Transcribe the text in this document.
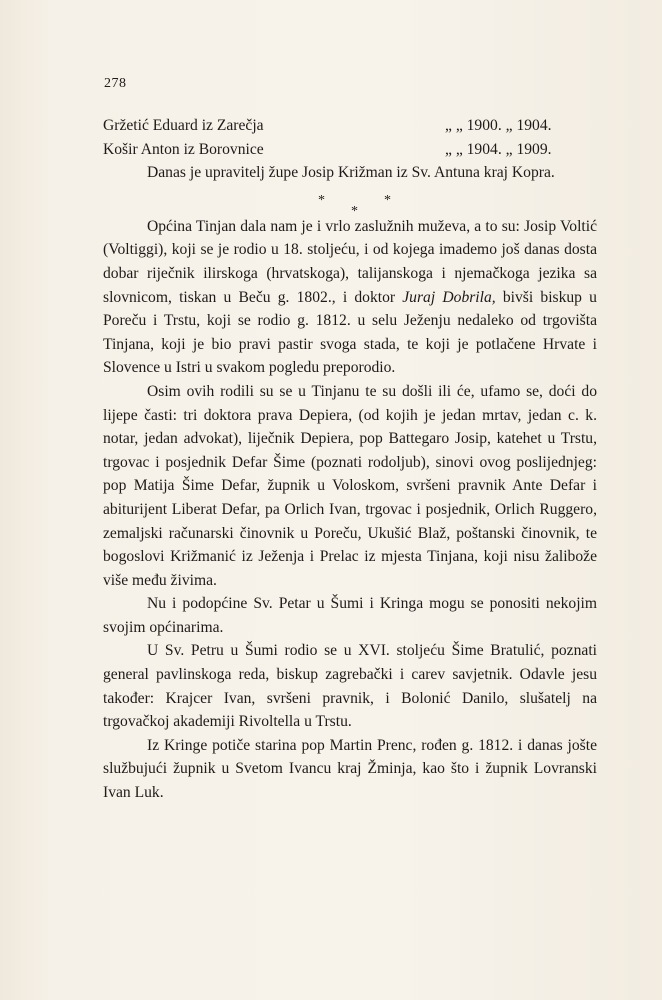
278
Gržetić Eduard iz Zarečja	„ „ 1900. „ 1904.
Košir Anton iz Borovnice	„ „ 1904. „ 1909.

Danas je upravitelj župe Josip Križman iz Sv. Antuna kraj Kopra.

*	*
*

Općina Tinjan dala nam je i vrlo zaslužnih muževa, a to su: Josip Voltić (Voltiggi), koji se je rodio u 18. stoljeću, i od kojega imademo još danas dosta dobar riječnik ilirskoga (hrvatskoga), talijanskoga i njemačkoga jezika sa slovnicom, tiskan u Beču g. 1802., i doktor Juraj Dobrila, bivši biskup u Poreču i Trstu, koji se rodio g. 1812. u selu Ježenju nedaleko od trgovišta Tinjana, koji je bio pravi pastir svoga stada, te koji je potlačene Hrvate i Slovence u Istri u svakom pogledu preporodio.

Osim ovih rodili su se u Tinjanu te su došli ili će, ufamo se, doći do lijepe časti: tri doktora prava Depiera, (od kojih je jedan mrtav, jedan c. k. notar, jedan advokat), liječnik Depiera, pop Battegaro Josip, katehet u Trstu, trgovac i posjednik Defar Šime (poznati rodoljub), sinovi ovog poslijednjeg: pop Matija Šime Defar, župnik u Voloskom, svršeni pravnik Ante Defar i abiturijent Liberat Defar, pa Orlich Ivan, trgovac i posjednik, Orlich Ruggero, zemaljski računarski činovnik u Poreču, Ukušić Blaž, poštanski činovnik, te bogoslovi Križmanić iz Ježenja i Prelac iz mjesta Tinjana, koji nisu žalibože više među živima.

Nu i podopćine Sv. Petar u Šumi i Kringa mogu se ponositi nekojim svojim općinarima.

U Sv. Petru u Šumi rodio se u XVI. stoljeću Šime Bratulić, poznati general pavlinskoga reda, biskup zagrebački i carev savjetnik. Odavle jesu također: Krajcer Ivan, svršeni pravnik, i Bolonić Danilo, slušatelj na trgovačkoj akademiji Rivoltella u Trstu.

Iz Kringe potiče starina pop Martin Prenc, rođen g. 1812. i danas jošte službujući župnik u Svetom Ivancu kraj Žminja, kao što i župnik Lovranski Ivan Luk.
